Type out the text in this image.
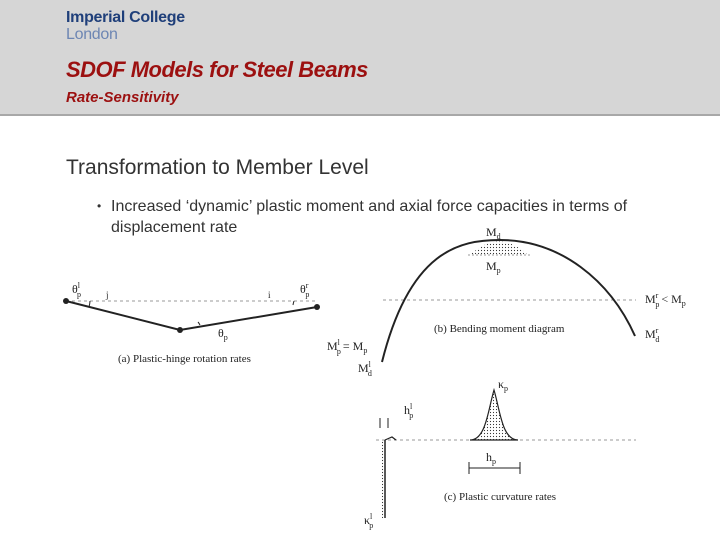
Imperial College
London
SDOF Models for Steel Beams
Rate-Sensitivity
Transformation to Member Level
• Increased ‘dynamic’ plastic moment and axial force capacities in terms of displacement rate
j	i
$\theta^l$ p	$\theta^r$ p
$\theta_p$
(a) Plastic-hinge rotation rates
$M_d$
$M_p$
(b) Bending moment diagram
$M^r$ $p < M_p$
$M^r$ d
$M^l$ $p = M_p$
$M^l$ d
$h_p$
$\kappa_p$
$h^l$ p
$\kappa^l$ p
(c) Plastic curvature rates
